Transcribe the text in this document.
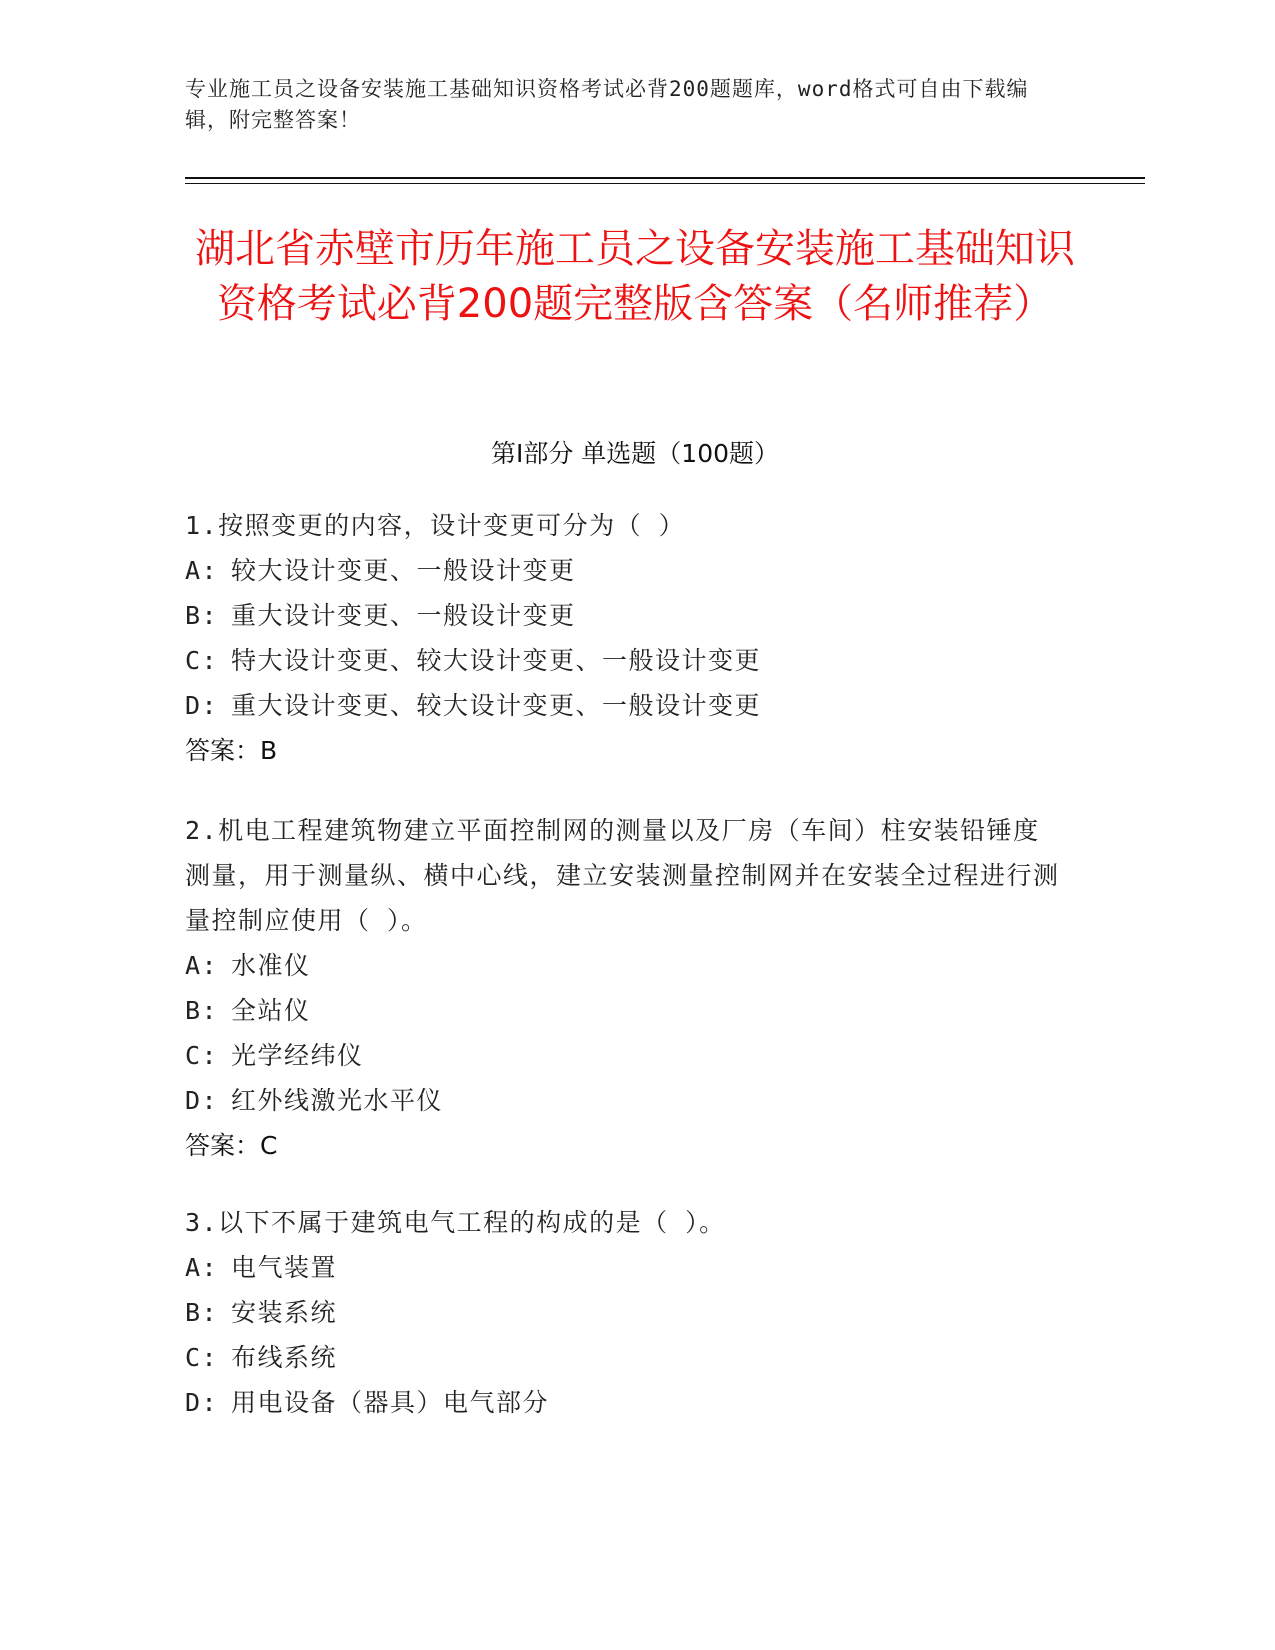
专业施工员之设备安装施工基础知识资格考试必背200题题库，word格式可自由下载编辑，附完整答案！
湖北省赤壁市历年施工员之设备安装施工基础知识资格考试必背200题完整版含答案（名师推荐）
第Ⅰ部分 单选题（100题）
1.按照变更的内容，设计变更可分为（ ）
A: 较大设计变更、一般设计变更
B: 重大设计变更、一般设计变更
C: 特大设计变更、较大设计变更、一般设计变更
D: 重大设计变更、较大设计变更、一般设计变更
答案：B
2.机电工程建筑物建立平面控制网的测量以及厂房（车间）柱安装铅锤度测量，用于测量纵、横中心线，建立安装测量控制网并在安装全过程进行测量控制应使用（ ）。
A: 水准仪
B: 全站仪
C: 光学经纬仪
D: 红外线激光水平仪
答案：C
3.以下不属于建筑电气工程的构成的是（ ）。
A: 电气装置
B: 安装系统
C: 布线系统
D: 用电设备（器具）电气部分
